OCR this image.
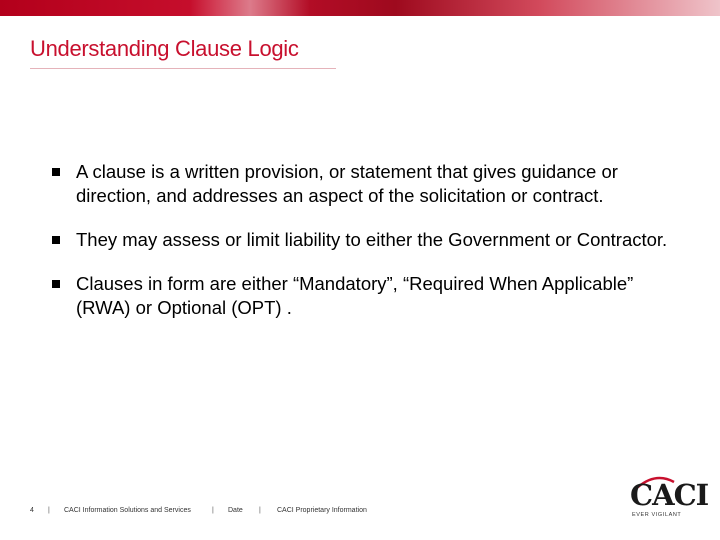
Understanding Clause Logic
A clause is a written provision, or statement that gives guidance or direction, and addresses an aspect of the solicitation or contract.
They may assess or limit liability to either the Government or Contractor.
Clauses in form are either “Mandatory”, “Required When Applicable” (RWA) or Optional (OPT) .
4 | CACI Information Solutions and Services	| Date | CACI Proprietary Information	CACI
EVER VIGILANT
